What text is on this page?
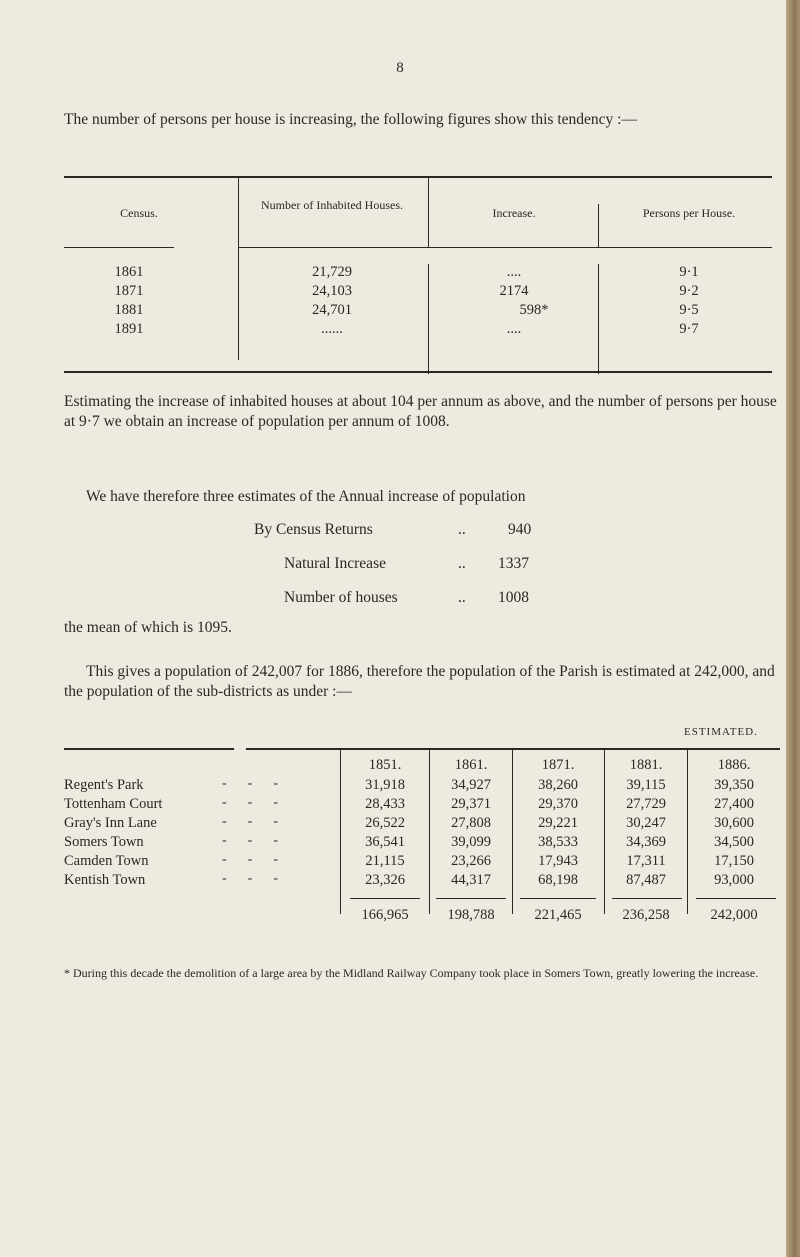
8
The number of persons per house is increasing, the following figures show this tendency :—
Census.
Number of Inhabited Houses.
Increase.	Persons per House.
1861	21,729	....	9·1
1871	24,103	2174	9·2
1881	24,701	598*	9·5
1891	......	....	9·7
Estimating the increase of inhabited houses at about 104 per annum as above, and the number of persons per house at 9·7 we obtain an increase of population per annum of 1008.
We have therefore three estimates of the Annual increase of population
By Census Returns	..	940
Natural Increase	.. 1337
Number of houses	.. 1008
the mean of which is 1095.
This gives a population of 242,007 for 1886, therefore the population of the Parish is estimated at 242,000, and the population of the sub-districts as under :—
ESTIMATED.
1851.	1861.	1871.	1881.	1886.
Regent's Park	-      -      -	31,918	34,927	38,260	39,115	39,350
Tottenham Court	-      -      -	28,433	29,371	29,370	27,729	27,400
Gray's Inn Lane	-      -      -	26,522	27,808	29,221	30,247	30,600
Somers Town	-      -      -	36,541	39,099	38,533	34,369	34,500
Camden Town	-      -      -	21,115	23,266	17,943	17,311	17,150
Kentish Town	-      -      -	23,326	44,317	68,198	87,487	93,000
166,965	198,788	221,465	236,258	242,000
* During this decade the demolition of a large area by the Midland Railway Company took place in Somers Town, greatly lowering the increase.
